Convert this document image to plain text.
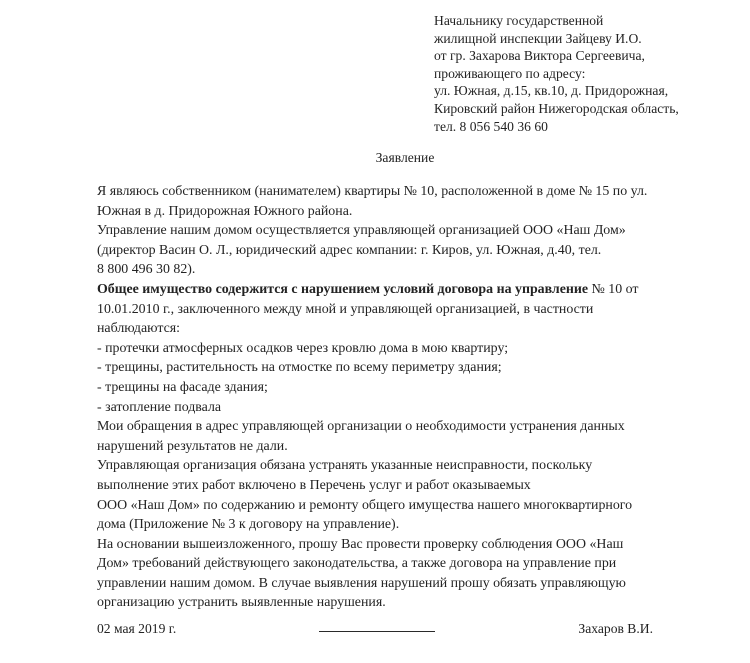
Начальнику государственной
жилищной инспекции Зайцеву И.О.
от гр. Захарова Виктора Сергеевича,
проживающего по адресу:
ул. Южная, д.15, кв.10, д. Придорожная,
Кировский район Нижегородская область,
тел. 8 056 540 36 60
Заявление
Я являюсь собственником (нанимателем) квартиры № 10, расположенной в доме № 15 по ул.
Южная в д. Придорожная Южного района.
Управление нашим домом осуществляется управляющей организацией ООО «Наш Дом»
(директор Васин О. Л., юридический адрес компании: г. Киров, ул. Южная, д.40, тел.
8 800 496 30 82).
Общее имущество содержится с нарушением условий договора на управление № 10 от
10.01.2010 г., заключенного между мной и управляющей организацией, в частности
наблюдаются:
- протечки атмосферных осадков через кровлю дома в мою квартиру;
- трещины, растительность на отмостке по всему периметру здания;
- трещины на фасаде здания;
- затопление подвала
Мои обращения в адрес управляющей организации о необходимости устранения данных
нарушений результатов не дали.
Управляющая организация обязана устранять указанные неисправности, поскольку
выполнение этих работ включено в Перечень услуг и работ оказываемых
ООО «Наш Дом» по содержанию и ремонту общего имущества нашего многоквартирного
дома (Приложение № 3 к договору на управление).
На основании вышеизложенного, прошу Вас провести проверку соблюдения ООО «Наш
Дом» требований действующего законодательства, а также договора на управление при
управлении нашим домом. В случае выявления нарушений прошу обязать управляющую
организацию устранить выявленные нарушения.
02 мая 2019 г.	Захаров В.И.
